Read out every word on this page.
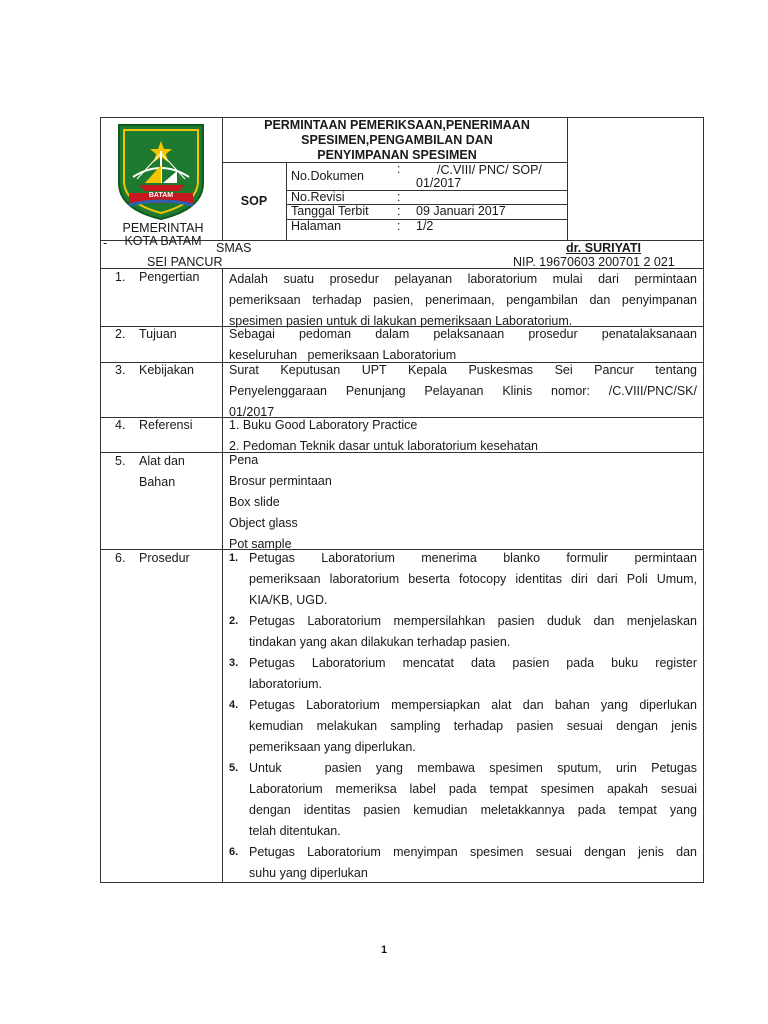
BATAM
PEMERINTAH
KOTA BATAM
-
PERMINTAAN PEMERIKSAAN,PENERIMAAN
SPESIMEN,PENGAMBILAN DAN
PENYIMPANAN SPESIMEN
SOP
No.Dokumen	:	/C.VIII/ PNC/ SOP/
01/2017
No.Revisi	:
Tanggal Terbit : 09 Januari 2017
Halaman	: 1/2
SMAS
SEI PANCUR
dr. SURIYATI
NIP. 19670603 200701 2 021
1. Pengertian Adalah suatu prosedur pelayanan laboratorium mulai dari permintaan

pemeriksaan terhadap pasien, penerimaan, pengambilan dan penyimpanan

spesimen pasien untuk di lakukan pemeriksaan Laboratorium.

2. Tujuan	Sebagai pedoman dalam pelaksanaan prosedur penatalaksanaan

keseluruhan   pemeriksaan Laboratorium

3. Kebijakan	Surat Keputusan UPT Kepala Puskesmas Sei Pancur tentang

Penyelenggaraan Penunjang Pelayanan Klinis nomor: /C.VIII/PNC/SK/

01/2017

4. Referensi	1. Buku Good Laboratory Practice

2. Pedoman Teknik dasar untuk laboratorium kesehatan

5. Alat dan
Bahan

Pena

Brosur permintaan

Box slide

Object glass

Pot sample

6. Prosedur	1. Petugas Laboratorium menerima blanko formulir permintaan
pemeriksaan laboratorium beserta fotocopy identitas diri dari Poli Umum,
KIA/KB, UGD.
2. Petugas Laboratorium mempersilahkan pasien duduk dan menjelaskan
tindakan yang akan dilakukan terhadap pasien.
3. Petugas Laboratorium mencatat data pasien pada buku register
laboratorium.
4. Petugas Laboratorium mempersiapkan alat dan bahan yang diperlukan
kemudian melakukan sampling terhadap pasien sesuai dengan jenis
pemeriksaan yang diperlukan.
5. Untuk   pasien yang membawa spesimen sputum, urin Petugas
Laboratorium memeriksa label pada tempat spesimen apakah sesuai
dengan identitas pasien kemudian meletakkannya pada tempat yang
telah ditentukan.
6. Petugas Laboratorium menyimpan spesimen sesuai dengan jenis dan
suhu yang diperlukan
1
